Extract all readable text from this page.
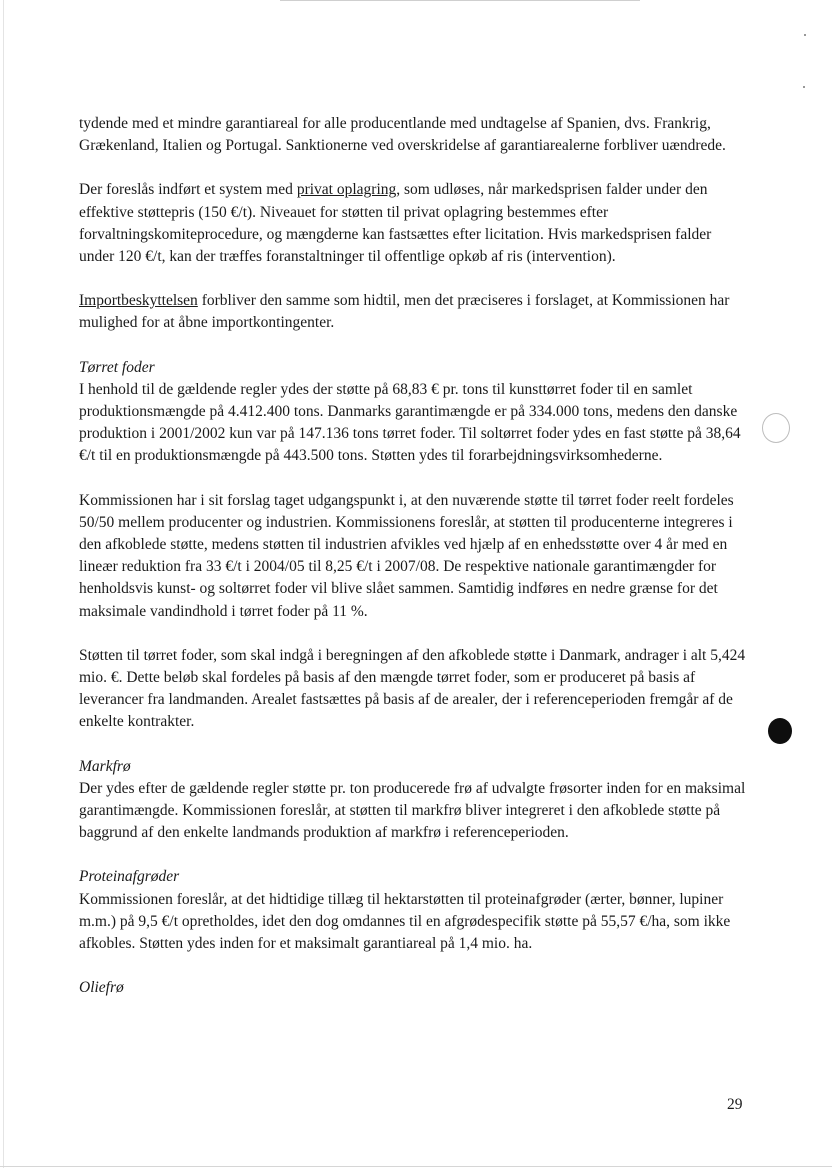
tydende med et mindre garantiareal for alle producentlande med undtagelse af Spanien, dvs. Frankrig, Grækenland, Italien og Portugal. Sanktionerne ved overskridelse af garantiarealerne forbliver uændrede.

Der foreslås indført et system med privat oplagring, som udløses, når markedsprisen falder under den effektive støttepris (150 €/t). Niveauet for støtten til privat oplagring bestemmes efter forvaltningskomiteprocedure, og mængderne kan fastsættes efter licitation. Hvis markedsprisen falder under 120 €/t, kan der træffes foranstaltninger til offentlige opkøb af ris (intervention).

Importbeskyttelsen forbliver den samme som hidtil, men det præciseres i forslaget, at Kommissionen har mulighed for at åbne importkontingenter.

Tørret foder

I henhold til de gældende regler ydes der støtte på 68,83 € pr. tons til kunsttørret foder til en samlet produktionsmængde på 4.412.400 tons. Danmarks garantimængde er på 334.000 tons, medens den danske produktion i 2001/2002 kun var på 147.136 tons tørret foder. Til soltørret foder ydes en fast støtte på 38,64 €/t til en produktionsmængde på 443.500 tons. Støtten ydes til forarbejdningsvirksomhederne.

Kommissionen har i sit forslag taget udgangspunkt i, at den nuværende støtte til tørret foder reelt fordeles 50/50 mellem producenter og industrien. Kommissionens foreslår, at støtten til producenterne integreres i den afkoblede støtte, medens støtten til industrien afvikles ved hjælp af en enhedsstøtte over 4 år med en lineær reduktion fra 33 €/t i 2004/05 til 8,25 €/t i 2007/08. De respektive nationale garantimængder for henholdsvis kunst- og soltørret foder vil blive slået sammen. Samtidig indføres en nedre grænse for det maksimale vandindhold i tørret foder på 11 %.

Støtten til tørret foder, som skal indgå i beregningen af den afkoblede støtte i Danmark, andrager i alt 5,424 mio. €. Dette beløb skal fordeles på basis af den mængde tørret foder, som er produceret på basis af leverancer fra landmanden. Arealet fastsættes på basis af de arealer, der i referenceperioden fremgår af de enkelte kontrakter.

Markfrø

Der ydes efter de gældende regler støtte pr. ton producerede frø af udvalgte frøsorter inden for en maksimal garantimængde. Kommissionen foreslår, at støtten til markfrø bliver integreret i den afkoblede støtte på baggrund af den enkelte landmands produktion af markfrø i referenceperioden.

Proteinafgrøder

Kommissionen foreslår, at det hidtidige tillæg til hektarstøtten til proteinafgrøder (ærter, bønner, lupiner m.m.) på 9,5 €/t opretholdes, idet den dog omdannes til en afgrødespecifik støtte på 55,57 €/ha, som ikke afkobles. Støtten ydes inden for et maksimalt garantiareal på 1,4 mio. ha.

Oliefrø

29
